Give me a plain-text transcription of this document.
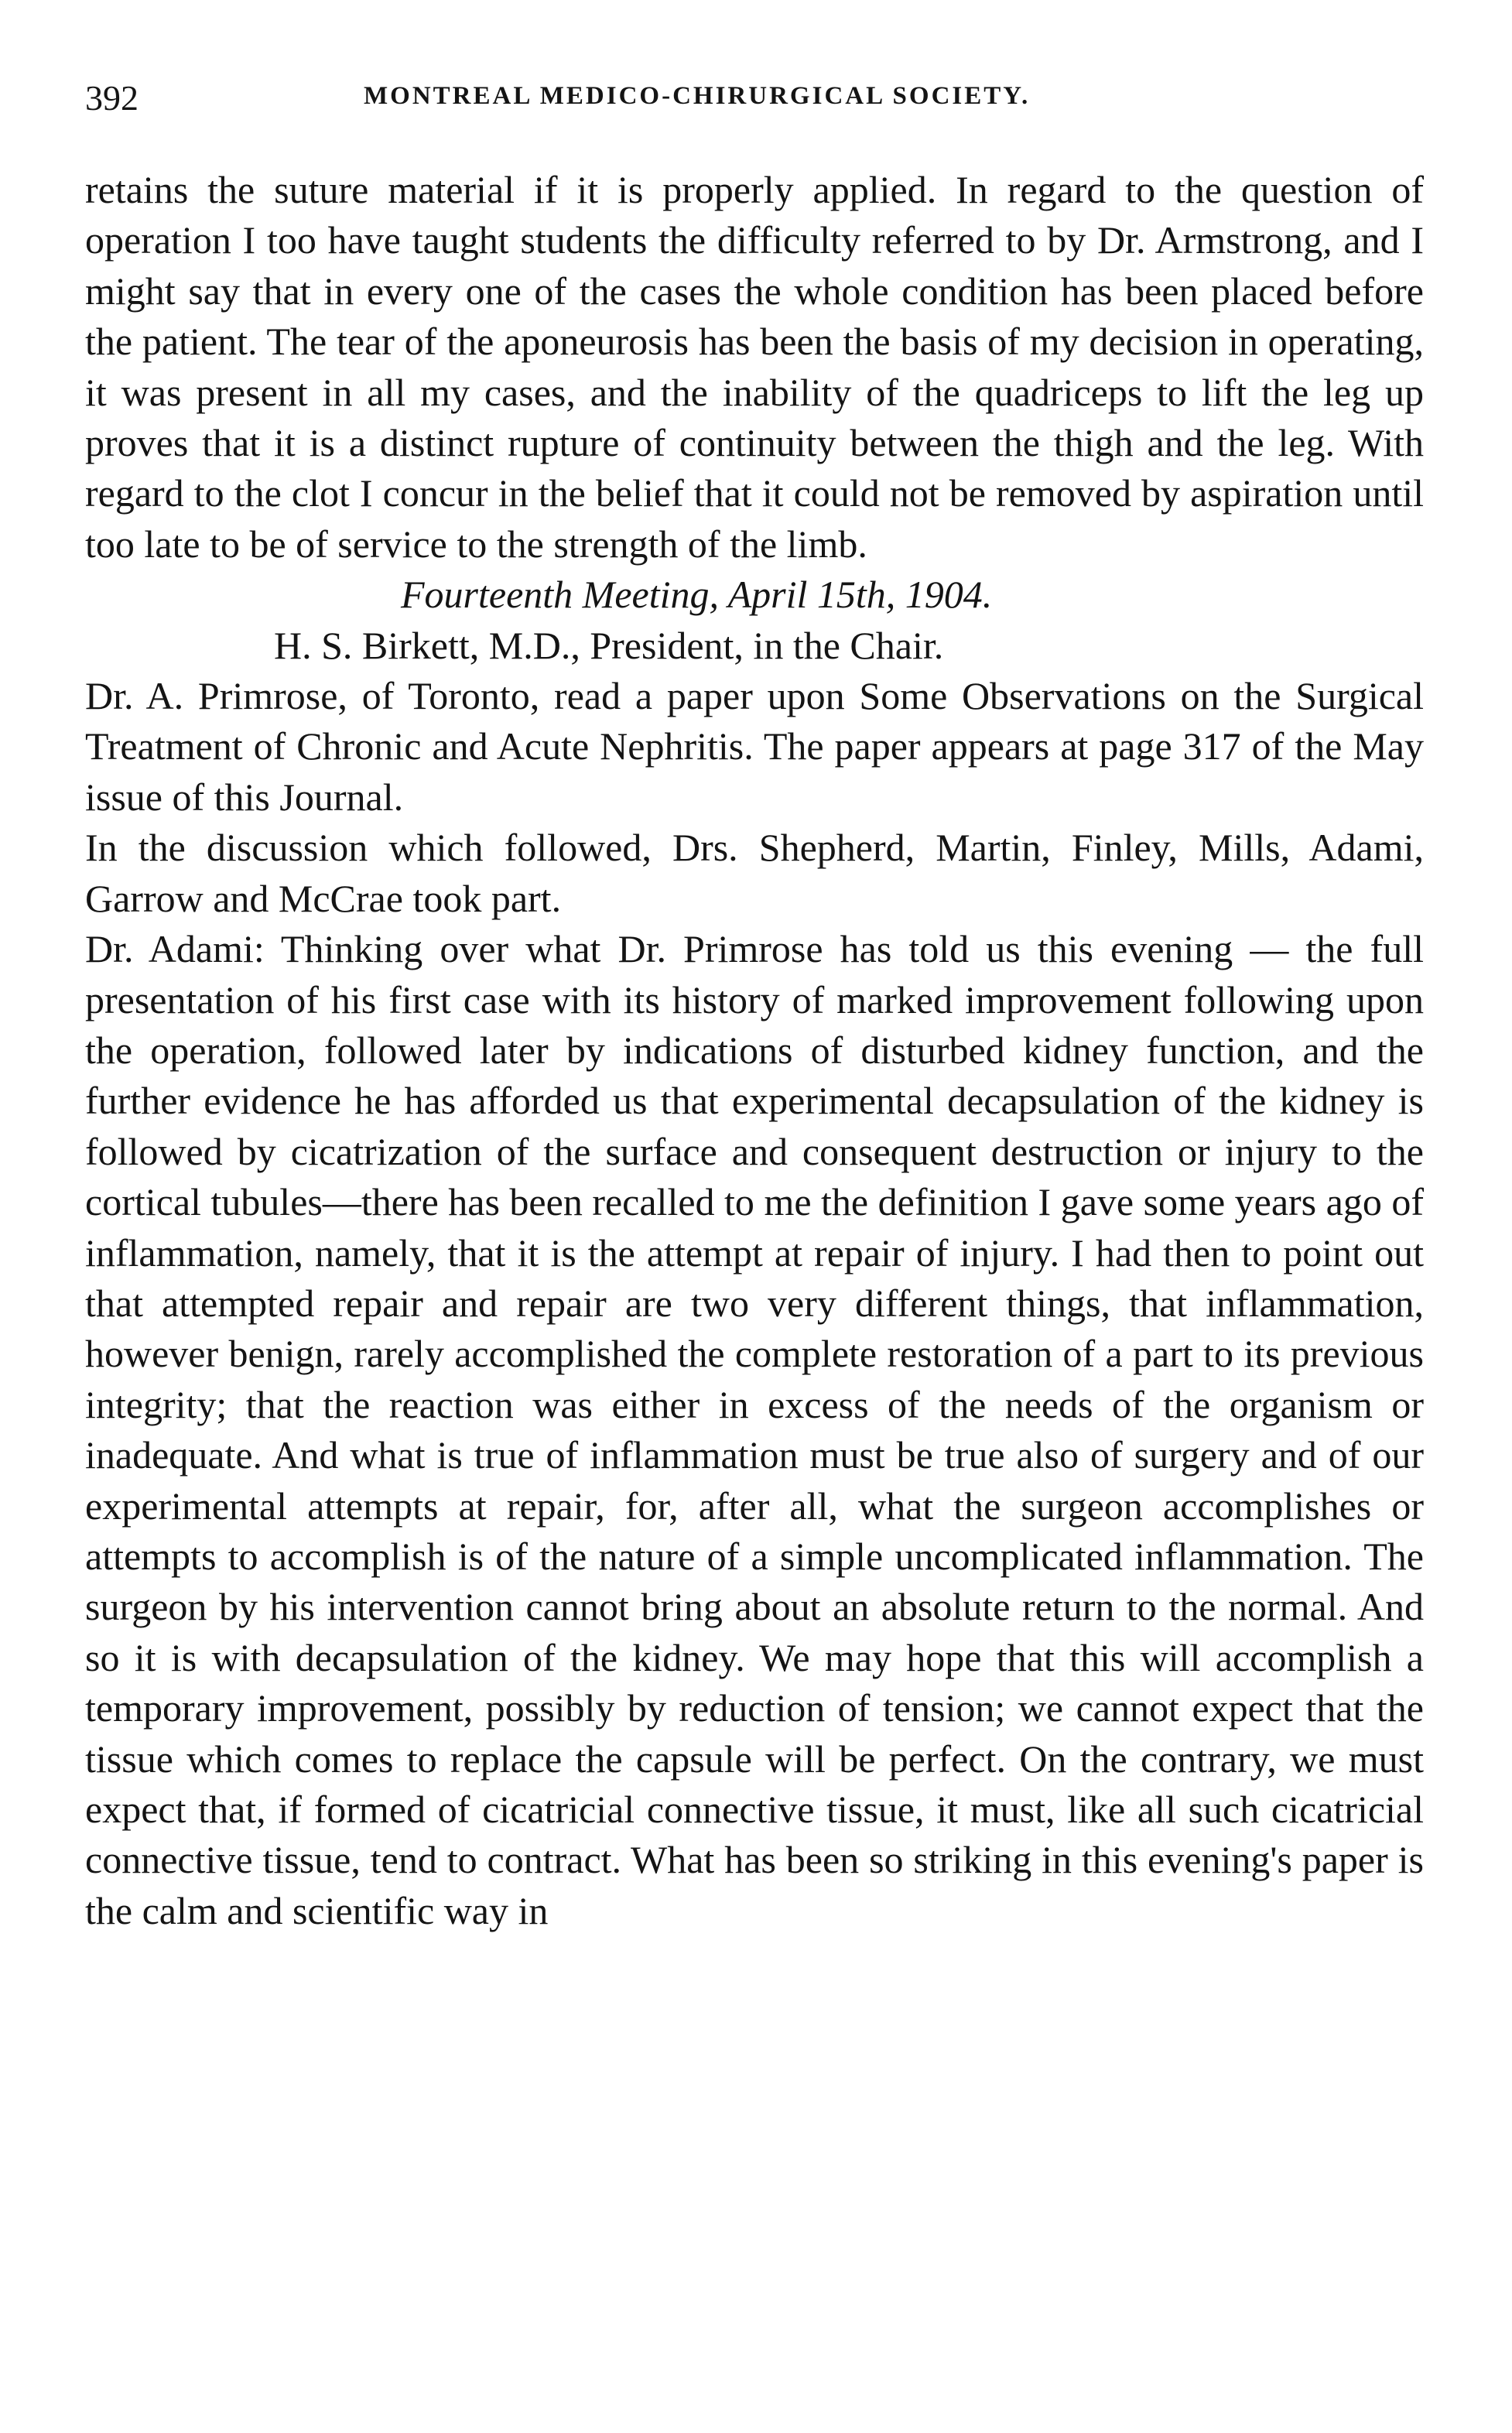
392	MONTREAL MEDICO-CHIRURGICAL SOCIETY.

retains the suture material if it is properly applied. In regard to the question of operation I too have taught students the difficulty referred to by Dr. Armstrong, and I might say that in every one of the cases the whole condition has been placed before the patient. The tear of the aponeurosis has been the basis of my decision in operating, it was present in all my cases, and the inability of the quadriceps to lift the leg up proves that it is a distinct rupture of continuity between the thigh and the leg. With regard to the clot I concur in the belief that it could not be removed by aspiration until too late to be of service to the strength of the limb.

Fourteenth Meeting, April 15th, 1904.

H. S. Birkett, M.D., President, in the Chair.

Dr. A. Primrose, of Toronto, read a paper upon Some Observations on the Surgical Treatment of Chronic and Acute Nephritis. The paper appears at page 317 of the May issue of this Journal.

In the discussion which followed, Drs. Shepherd, Martin, Finley, Mills, Adami, Garrow and McCrae took part.

Dr. Adami: Thinking over what Dr. Primrose has told us this evening — the full presentation of his first case with its history of marked improvement following upon the operation, followed later by indications of disturbed kidney function, and the further evidence he has afforded us that experimental decapsulation of the kidney is followed by cicatrization of the surface and consequent destruction or injury to the cortical tubules—there has been recalled to me the definition I gave some years ago of inflammation, namely, that it is the attempt at repair of injury. I had then to point out that attempted repair and repair are two very different things, that inflammation, however benign, rarely accomplished the complete restoration of a part to its previous integrity; that the reaction was either in excess of the needs of the organism or inadequate. And what is true of inflammation must be true also of surgery and of our experimental attempts at repair, for, after all, what the surgeon accomplishes or attempts to accomplish is of the nature of a simple uncomplicated inflammation. The surgeon by his intervention cannot bring about an absolute return to the normal. And so it is with decapsulation of the kidney. We may hope that this will accomplish a temporary improvement, possibly by reduction of tension; we cannot expect that the tissue which comes to replace the capsule will be perfect. On the contrary, we must expect that, if formed of cicatricial connective tissue, it must, like all such cicatricial connective tissue, tend to contract. What has been so striking in this evening's paper is the calm and scientific way in
